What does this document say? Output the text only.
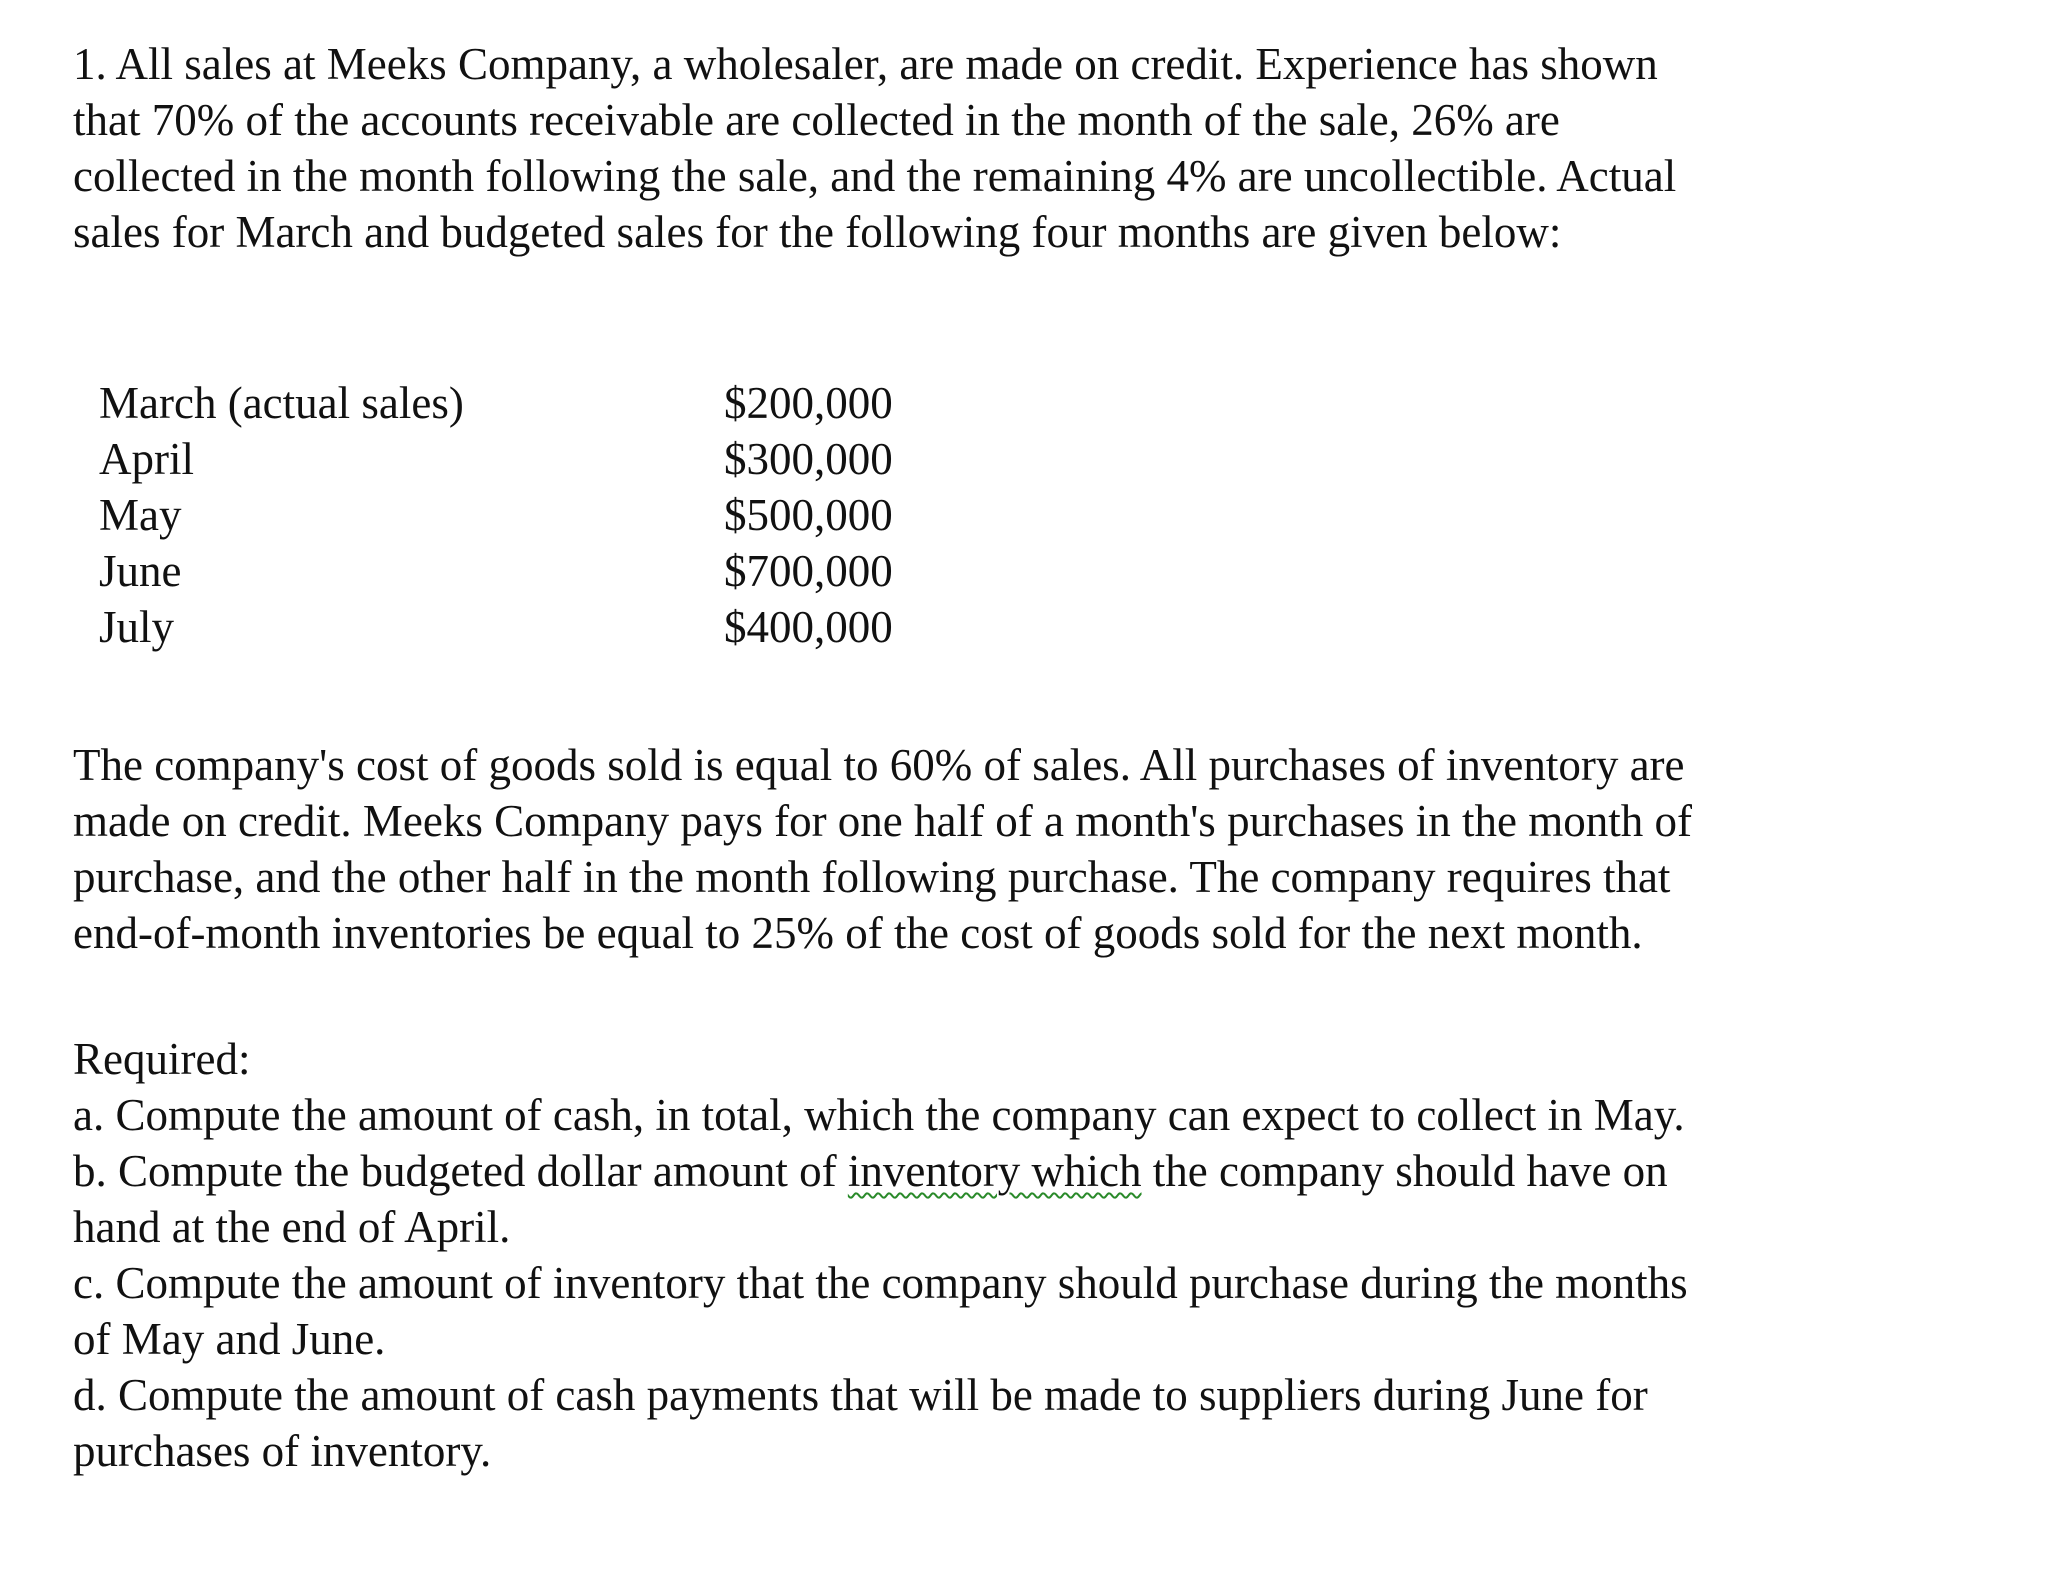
1. All sales at Meeks Company, a wholesaler, are made on credit. Experience has shown
that 70% of the accounts receivable are collected in the month of the sale, 26% are
collected in the month following the sale, and the remaining 4% are uncollectible. Actual
sales for March and budgeted sales for the following four months are given below:

March (actual sales)	$200,000
April	$300,000
May	$500,000
June	$700,000
July	$400,000

The company's cost of goods sold is equal to 60% of sales. All purchases of inventory are
made on credit. Meeks Company pays for one half of a month's purchases in the month of
purchase, and the other half in the month following purchase. The company requires that
end-of-month inventories be equal to 25% of the cost of goods sold for the next month.

Required:
a. Compute the amount of cash, in total, which the company can expect to collect in May.
b. Compute the budgeted dollar amount of inventory which the company should have on
hand at the end of April.
c. Compute the amount of inventory that the company should purchase during the months
of May and June.
d. Compute the amount of cash payments that will be made to suppliers during June for
purchases of inventory.
